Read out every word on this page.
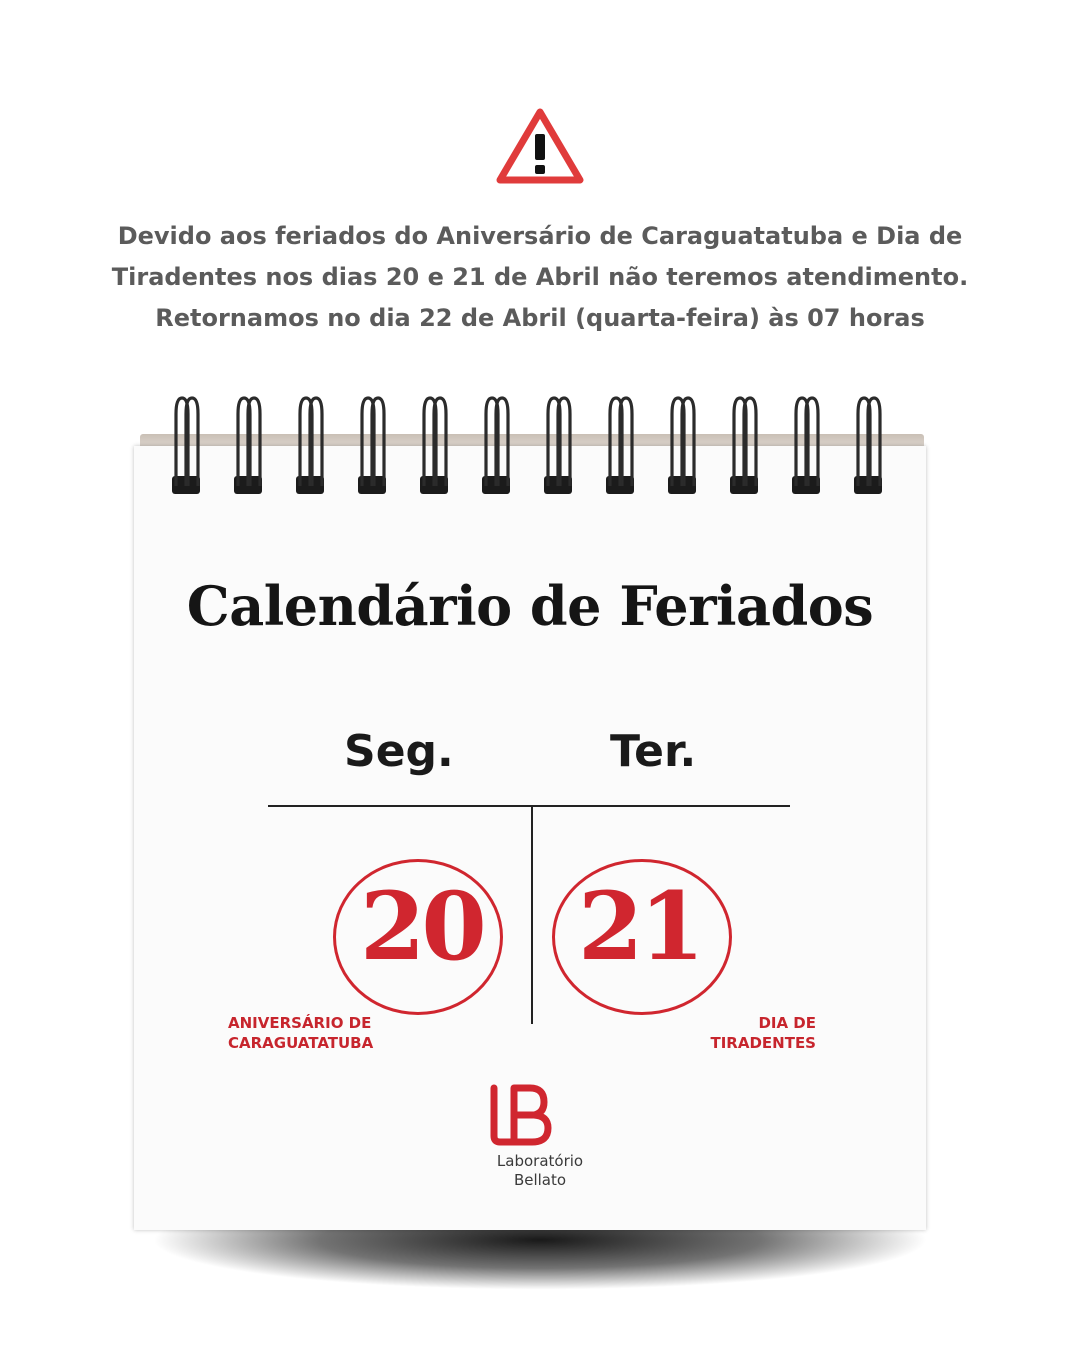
Devido aos feriados do Aniversário de Caraguatatuba e Dia de
Tiradentes nos dias 20 e 21 de Abril não teremos atendimento.
Retornamos no dia 22 de Abril (quarta-feira) às 07 horas
Calendário de Feriados
Seg.	Ter.
20 21
ANIVERSÁRIO DE
CARAGUATATUBA
DIA DE
TIRADENTES
Laboratório
Bellato
